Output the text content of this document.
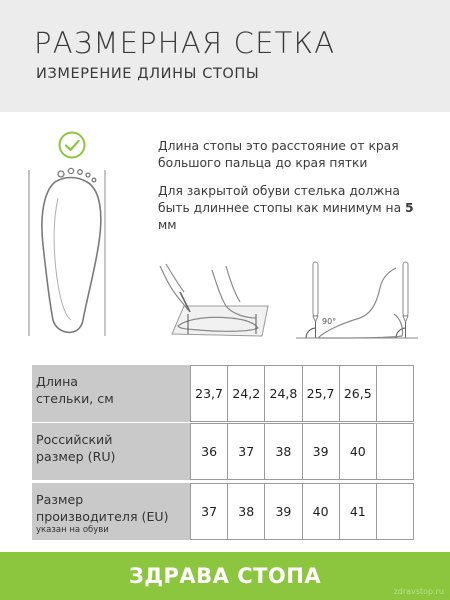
РАЗМЕРНАЯ СЕТКА
ИЗМЕРЕНИЕ ДЛИНЫ СТОПЫ
Длина стопы это расстояние от края большого пальца до края пятки
Для закрытой обуви стелька должна быть длиннее стопы как минимум на 5 мм
90°
Длина
стельки, см	23,7 24,2 24,8 25,7 26,5
Российский
размер (RU)	36	37	38	39	40
Размер
производителя (EU)
указан на обуви
37	38	39	40	41
ЗДРАВА СТОПА
zdravstop.ru
